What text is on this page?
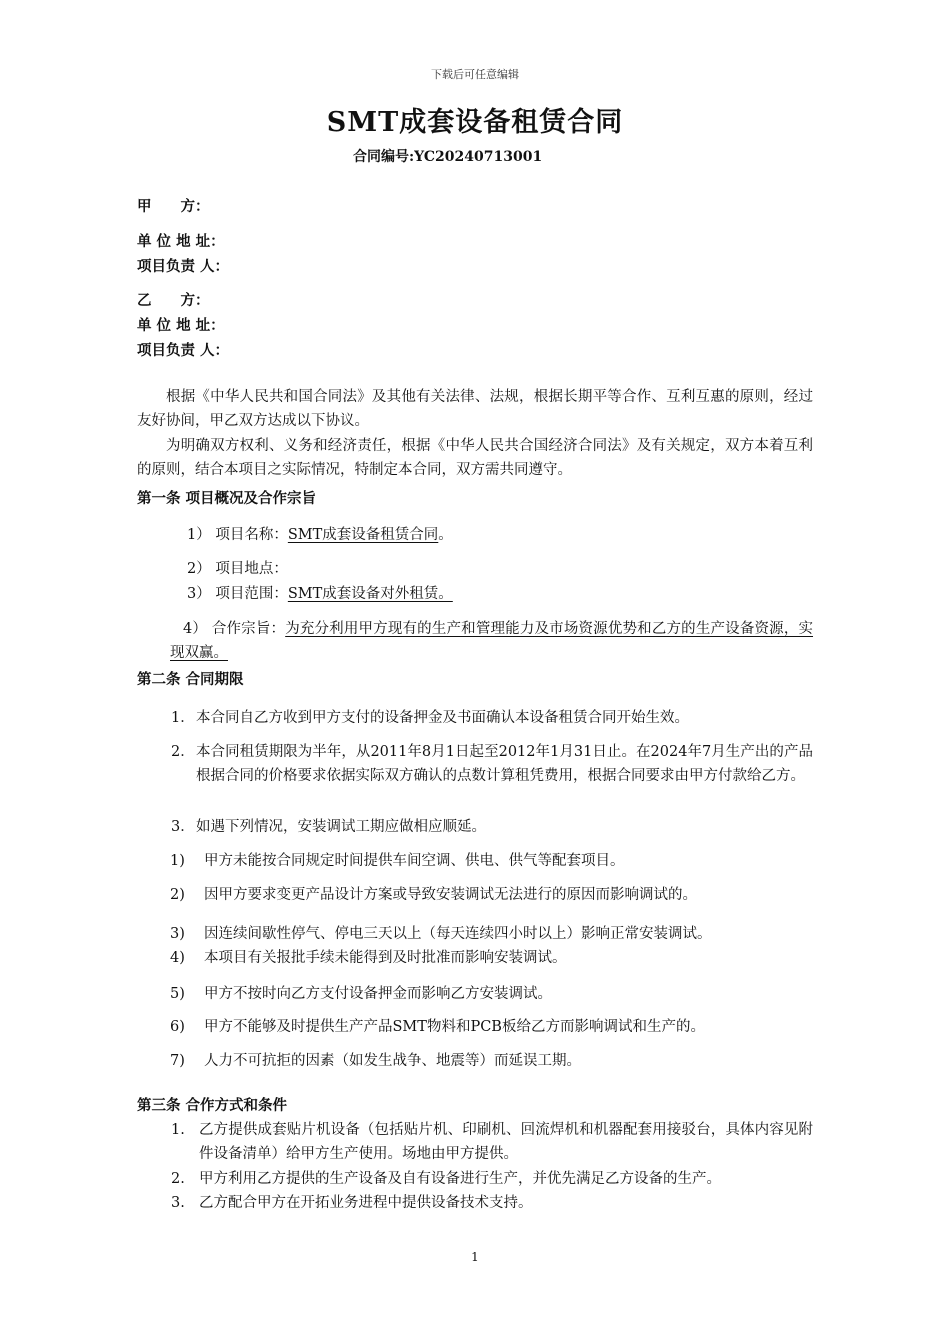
下载后可任意编辑
SMT成套设备租赁合同
合同编号:YC20240713001
甲　　方：
单 位 地 址：
项目负责 人：
乙　　方：
单 位 地 址：
项目负责 人：
根据《中华人民共和国合同法》及其他有关法律、法规，根据长期平等合作、互利互惠的原则，经过友好协间，甲乙双方达成以下协议。
为明确双方权利、义务和经济责任，根据《中华人民共合国经济合同法》及有关规定，双方本着互利的原则，结合本项目之实际情况，特制定本合同，双方需共同遵守。
第一条 项目概况及合作宗旨
1） 项目名称：SMT成套设备租赁合同。
2） 项目地点：
3） 项目范围：SMT成套设备对外租赁。
4） 合作宗旨：为充分利用甲方现有的生产和管理能力及市场资源优势和乙方的生产设备资源，实现双赢。
第二条 合同期限
1． 本合同自乙方收到甲方支付的设备押金及书面确认本设备租赁合同开始生效。
2． 本合同租赁期限为半年，从2011年8月1日起至2012年1月31日止。在2024年7月生产出的产品根据合同的价格要求依据实际双方确认的点数计算租凭费用，根据合同要求由甲方付款给乙方。
3． 如遇下列情况，安装调试工期应做相应顺延。
1) 甲方未能按合同规定时间提供车间空调、供电、供气等配套项目。
2) 因甲方要求变更产品设计方案或导致安装调试无法进行的原因而影响调试的。
3) 因连续间歇性停气、停电三天以上（每天连续四小时以上）影响正常安装调试。
4) 本项目有关报批手续未能得到及时批准而影响安装调试。
5) 甲方不按时向乙方支付设备押金而影响乙方安装调试。
6) 甲方不能够及时提供生产产品SMT物料和PCB板给乙方而影响调试和生产的。
7) 人力不可抗拒的因素（如发生战争、地震等）而延误工期。
第三条 合作方式和条件
1. 乙方提供成套贴片机设备（包括贴片机、印刷机、回流焊机和机器配套用接驳台，具体内容见附件设备清单）给甲方生产使用。场地由甲方提供。
2. 甲方利用乙方提供的生产设备及自有设备进行生产，并优先满足乙方设备的生产。
3. 乙方配合甲方在开拓业务进程中提供设备技术支持。
1
